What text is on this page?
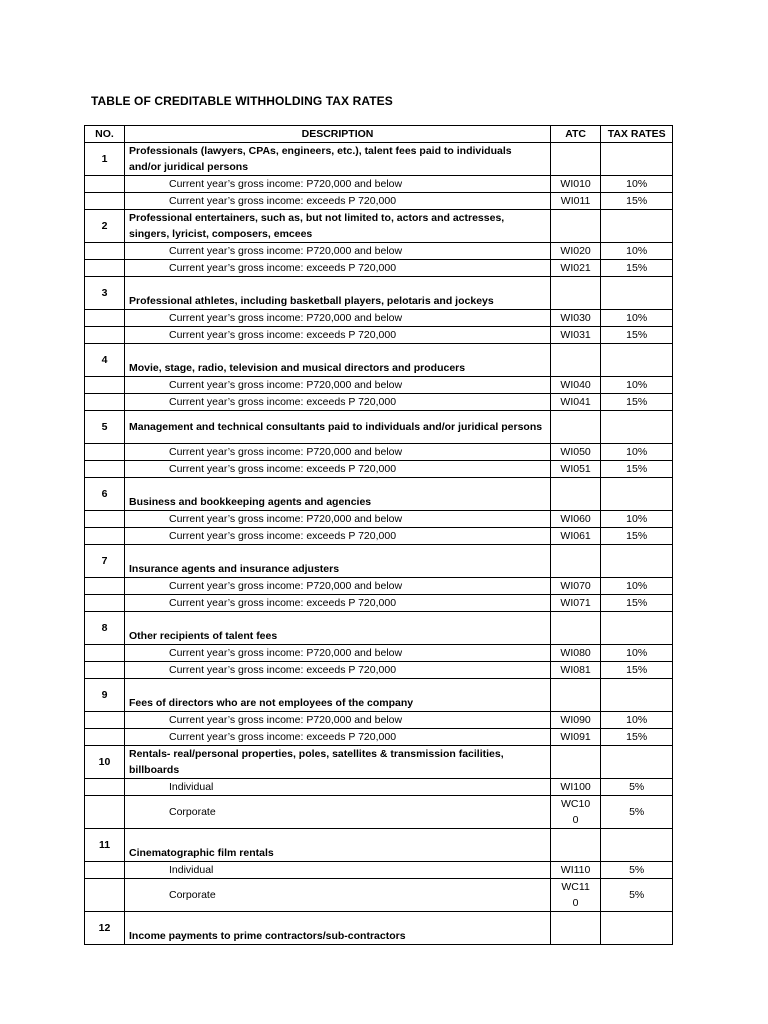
TABLE OF CREDITABLE WITHHOLDING TAX RATES
NO.	DESCRIPTION	ATC	TAX RATES
1	Professionals (lawyers, CPAs, engineers, etc.), talent fees paid to individuals and/or juridical persons		
	Current year’s gross income: P720,000 and below	WI010	10%
	Current year’s gross income: exceeds P 720,000	WI011	15%
2	Professional entertainers, such as, but not limited to, actors and actresses, singers, lyricist, composers, emcees		
	Current year’s gross income: P720,000 and below	WI020	10%
	Current year’s gross income: exceeds P 720,000	WI021	15%
3	Professional athletes, including basketball players, pelotaris and jockeys		
	Current year’s gross income: P720,000 and below	WI030	10%
	Current year’s gross income: exceeds P 720,000	WI031	15%
4	Movie, stage, radio, television and musical directors and producers		
	Current year’s gross income: P720,000 and below	WI040	10%
	Current year’s gross income: exceeds P 720,000	WI041	15%
5	Management and technical consultants paid to individuals and/or juridical persons		
	Current year’s gross income: P720,000 and below	WI050	10%
	Current year’s gross income: exceeds P 720,000	WI051	15%
6	Business and bookkeeping agents and agencies		
	Current year’s gross income: P720,000 and below	WI060	10%
	Current year’s gross income: exceeds P 720,000	WI061	15%
7	Insurance agents and insurance adjusters		
	Current year’s gross income: P720,000 and below	WI070	10%
	Current year’s gross income: exceeds P 720,000	WI071	15%
8	Other recipients of talent fees		
	Current year’s gross income: P720,000 and below	WI080	10%
	Current year’s gross income: exceeds P 720,000	WI081	15%
9	Fees of directors who are not employees of the company		
	Current year’s gross income: P720,000 and below	WI090	10%
	Current year’s gross income: exceeds P 720,000	WI091	15%
10	Rentals- real/personal properties, poles, satellites & transmission facilities, billboards		
	Individual	WI100	5%
	Corporate	WC10 0	5%
11	Cinematographic film rentals		
	Individual	WI110	5%
	Corporate	WC11 0	5%
12	Income payments to prime contractors/sub-contractors		
